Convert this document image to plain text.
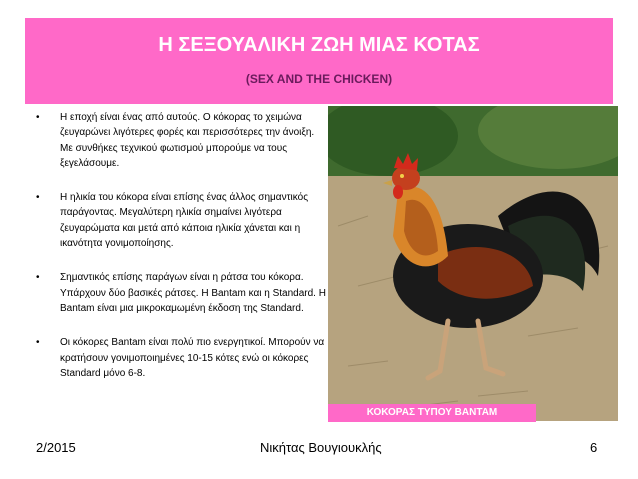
Η ΣΕΞΟΥΑΛΙΚΗ ΖΩΗ ΜΙΑΣ ΚΟΤΑΣ
(SEX AND THE CHICKEN)
• Η εποχή είναι ένας από αυτούς. Ο κόκορας το χειμώνα ζευγαρώνει λιγότερες φορές και περισσότερες την άνοιξη. Με συνθήκες τεχνικού φωτισμού μπορούμε να τους ξεγελάσουμε.
• Η ηλικία του κόκορα είναι επίσης ένας άλλος σημαντικός παράγοντας. Μεγαλύτερη ηλικία σημαίνει λιγότερα ζευγαρώματα και μετά από κάποια ηλικία χάνεται και η ικανότητα γονιμοποίησης.
• Σημαντικός επίσης παράγων είναι η ράτσα του κόκορα. Υπάρχουν δύο βασικές ράτσες. Η Bantam και η Standard. Η Bantam είναι μια μικροκαμωμένη έκδοση της Standard.
• Οι κόκορες Bantam είναι πολύ πιο ενεργητικοί. Μπορούν να κρατήσουν γονιμοποιημένες 10-15 κότες ενώ οι κόκορες Standard μόνο 6-8.
ΚΟΚΟΡΑΣ ΤΥΠΟΥ BANTAM
2/2015	Νικήτας Βουγιουκλής	6
